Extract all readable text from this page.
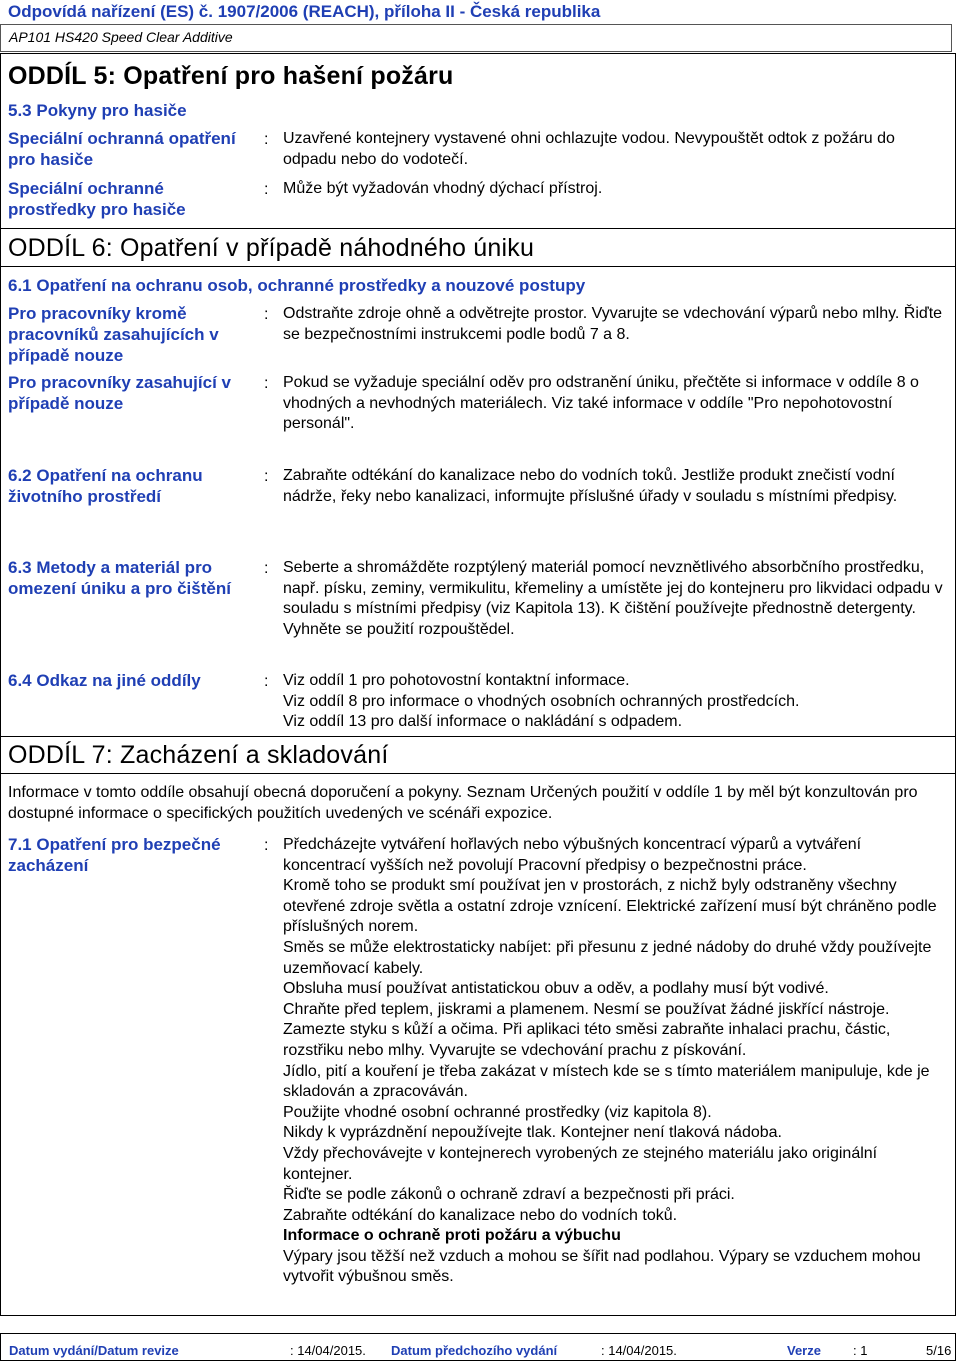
Odpovídá nařízení (ES) č. 1907/2006 (REACH), příloha II - Česká republika
AP101 HS420 Speed Clear Additive
ODDÍL 5: Opatření pro hašení požáru
5.3 Pokyny pro hasiče
Speciální ochranná opatření pro hasiče
: Uzavřené kontejnery vystavené ohni ochlazujte vodou. Nevypouštět odtok z požáru do odpadu nebo do vodotečí.
Speciální ochranné prostředky pro hasiče
: Může být vyžadován vhodný dýchací přístroj.
ODDÍL 6: Opatření v případě náhodného úniku
6.1 Opatření na ochranu osob, ochranné prostředky a nouzové postupy
Pro pracovníky kromě pracovníků zasahujících v případě nouze
: Odstraňte zdroje ohně a odvětrejte prostor. Vyvarujte se vdechování výparů nebo mlhy. Řiďte se bezpečnostními instrukcemi podle bodů 7 a 8.
Pro pracovníky zasahující v případě nouze
: Pokud se vyžaduje speciální oděv pro odstranění úniku, přečtěte si informace v oddíle 8 o vhodných a nevhodných materiálech. Viz také informace v oddíle "Pro nepohotovostní personál".
6.2 Opatření na ochranu životního prostředí
: Zabraňte odtékání do kanalizace nebo do vodních toků. Jestliže produkt znečistí vodní nádrže, řeky nebo kanalizaci, informujte příslušné úřady v souladu s místními předpisy.
6.3 Metody a materiál pro omezení úniku a pro čištění
: Seberte a shromážděte rozptýlený materiál pomocí nevznětlivého absorbčního prostředku, např. písku, zeminy, vermikulitu, křemeliny a umístěte jej do kontejneru pro likvidaci odpadu v souladu s místními předpisy (viz Kapitola 13). K čištění používejte přednostně detergenty. Vyhněte se použití rozpouštědel.
6.4 Odkaz na jiné oddíly	: Viz oddíl 1 pro pohotovostní kontaktní informace.
Viz oddíl 8 pro informace o vhodných osobních ochranných prostředcích.
Viz oddíl 13 pro další informace o nakládání s odpadem.
ODDÍL 7: Zacházení a skladování
Informace v tomto oddíle obsahují obecná doporučení a pokyny. Seznam Určených použití v oddíle 1 by měl být konzultován pro dostupné informace o specifických použitích uvedených ve scénáři expozice.
7.1 Opatření pro bezpečné zacházení
: Předcházejte vytváření hořlavých nebo výbušných koncentrací výparů a vytváření koncentrací vyšších než povolují Pracovní předpisy o bezpečnostni práce.
Kromě toho se produkt smí používat jen v prostorách, z nichž byly odstraněny všechny otevřené zdroje světla a ostatní zdroje vznícení. Elektrické zařízení musí být chráněno podle příslušných norem.
Směs se může elektrostaticky nabíjet: při přesunu z jedné nádoby do druhé vždy používejte uzemňovací kabely.
Obsluha musí používat antistatickou obuv a oděv, a podlahy musí být vodivé.
Chraňte před teplem, jiskrami a plamenem. Nesmí se používat žádné jiskřící nástroje.
Zamezte styku s kůží a očima. Při aplikaci této směsi zabraňte inhalaci prachu, částic, rozstřiku nebo mlhy. Vyvarujte se vdechování prachu z pískování.
Jídlo, pití a kouření je třeba zakázat v místech kde se s tímto materiálem manipuluje, kde je skladován a zpracováván.
Použijte vhodné osobní ochranné prostředky (viz kapitola 8).
Nikdy k vyprázdnění nepoužívejte tlak. Kontejner není tlaková nádoba.
Vždy přechovávejte v kontejnerech vyrobených ze stejného materiálu jako originální kontejner.
Řiďte se podle zákonů o ochraně zdraví a bezpečnosti při práci.
Zabraňte odtékání do kanalizace nebo do vodních toků.
Informace o ochraně proti požáru a výbuchu
Výpary jsou těžší než vzduch a mohou se šířit nad podlahou. Výpary se vzduchem mohou vytvořit výbušnou směs.
Datum vydání/Datum revize	: 14/04/2015. Datum předchozího vydání	: 14/04/2015.	Verze : 1	5/16
